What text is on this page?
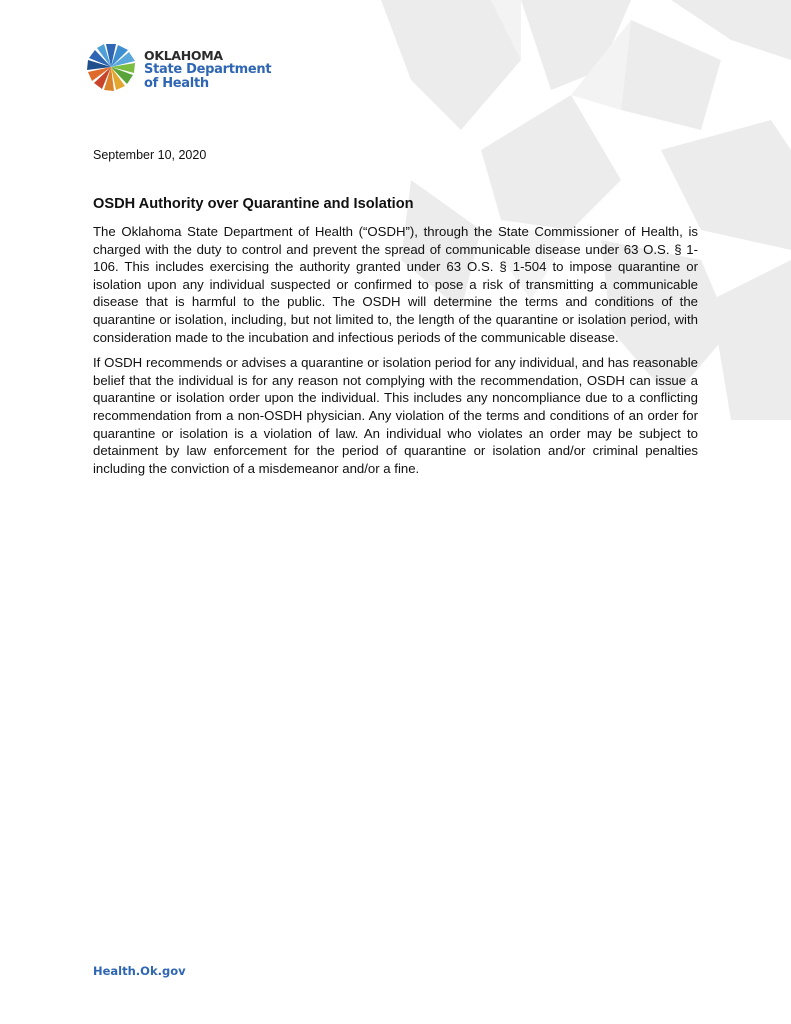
OKLAHOMA
State Department
of Health
September 10, 2020
OSDH Authority over Quarantine and Isolation

The Oklahoma State Department of Health (“OSDH”), through the State Commissioner of Health, is charged with the duty to control and prevent the spread of communicable disease under 63 O.S. § 1-106. This includes exercising the authority granted under 63 O.S. § 1-504 to impose quarantine or isolation upon any individual suspected or confirmed to pose a risk of transmitting a communicable disease that is harmful to the public. The OSDH will determine the terms and conditions of the quarantine or isolation, including, but not limited to, the length of the quarantine or isolation period, with consideration made to the incubation and infectious periods of the communicable disease.

If OSDH recommends or advises a quarantine or isolation period for any individual, and has reasonable belief that the individual is for any reason not complying with the recommendation, OSDH can issue a quarantine or isolation order upon the individual. This includes any noncompliance due to a conflicting recommendation from a non-OSDH physician. Any violation of the terms and conditions of an order for quarantine or isolation is a violation of law. An individual who violates an order may be subject to detainment by law enforcement for the period of quarantine or isolation and/or criminal penalties including the conviction of a misdemeanor and/or a fine.

Health.Ok.gov
